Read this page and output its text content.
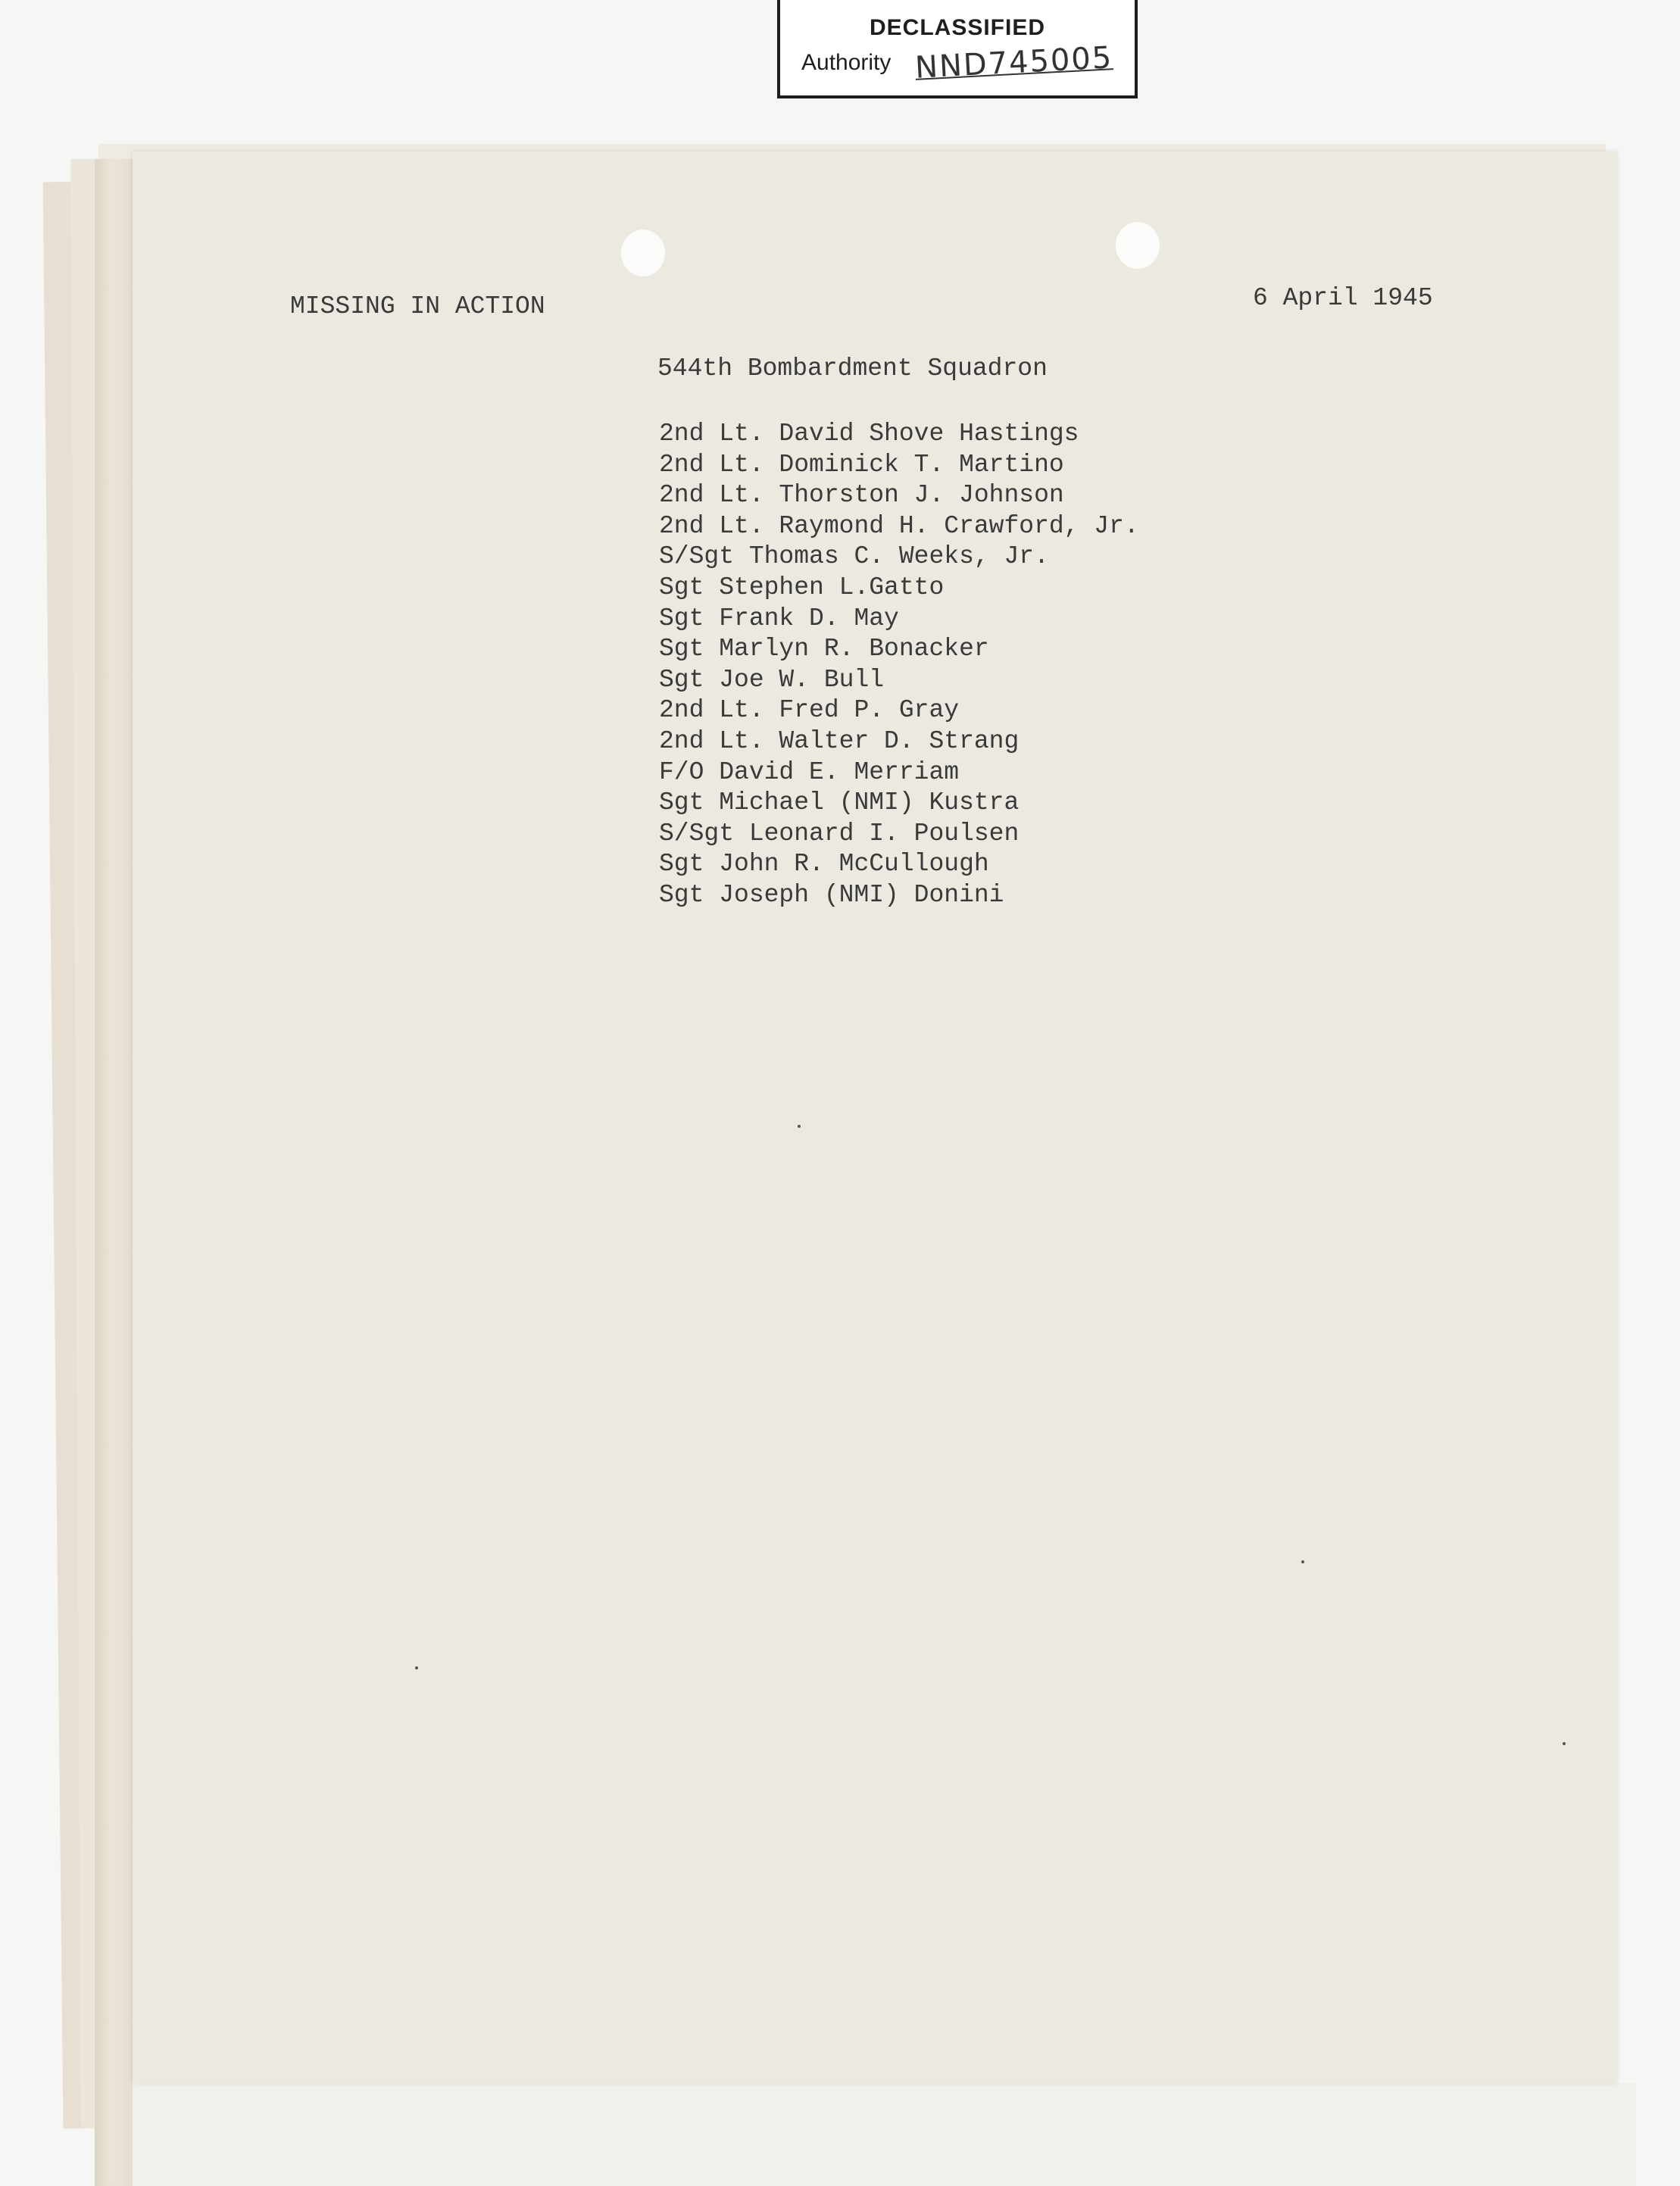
DECLASSIFIED
Authority NND745005
MISSING IN ACTION	6 April 1945
544th Bombardment Squadron
2nd Lt. David Shove Hastings
2nd Lt. Dominick T. Martino
2nd Lt. Thorston J. Johnson
2nd Lt. Raymond H. Crawford, Jr.
S/Sgt Thomas C. Weeks, Jr.
Sgt Stephen L.Gatto
Sgt Frank D. May
Sgt Marlyn R. Bonacker
Sgt Joe W. Bull
2nd Lt. Fred P. Gray
2nd Lt. Walter D. Strang
F/O David E. Merriam
Sgt Michael (NMI) Kustra
S/Sgt Leonard I. Poulsen
Sgt John R. McCullough
Sgt Joseph (NMI) Donini
